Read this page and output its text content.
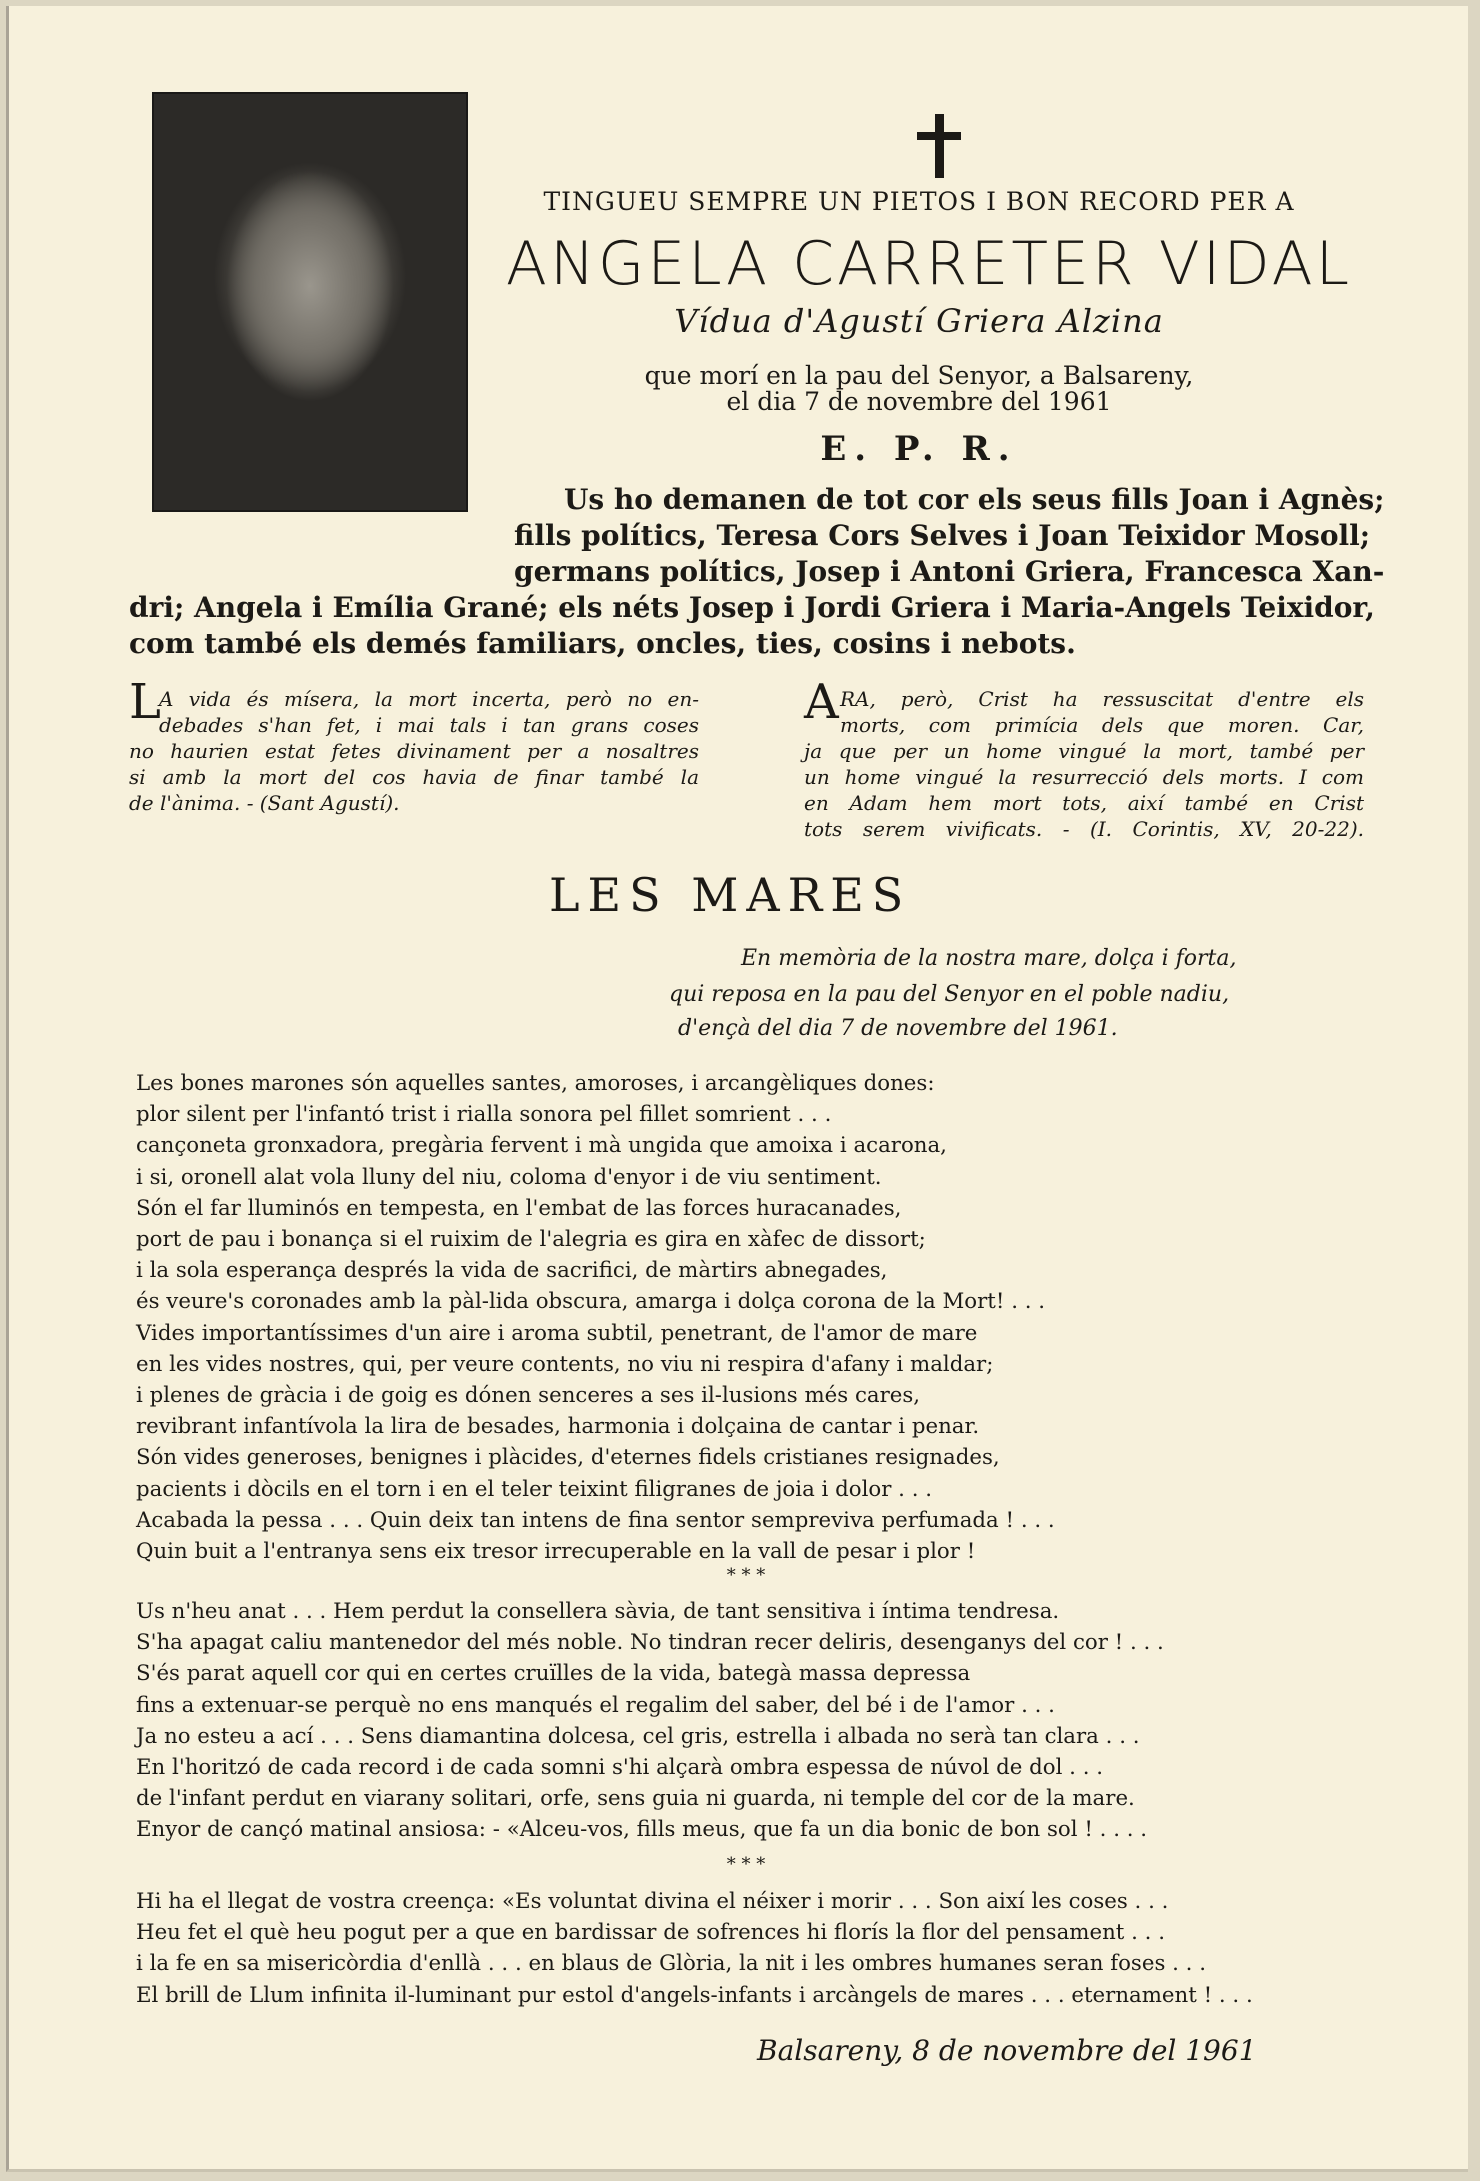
TINGUEU SEMPRE UN PIETOS I BON RECORD PER A
ANGELA CARRETER VIDAL
Vídua d'Agustí Griera Alzina
que morí en la pau del Senyor, a Balsareny,
el dia 7 de novembre del 1961
E. P. R.
Us ho demanen de tot cor els seus fills Joan i Agnès;
fills polítics, Teresa Cors Selves i Joan Teixidor Mosoll;
germans polítics, Josep i Antoni Griera, Francesca Xan-
dri; Angela i Emília Grané; els néts Josep i Jordi Griera i Maria-Angels Teixidor,
com també els demés familiars, oncles, ties, cosins i nebots.
L
A vida és mísera, la mort incerta, però no en-
debades s'han fet, i mai tals i tan grans coses
no haurien estat fetes divinament per a nosaltres
si amb la mort del cos havia de finar també la
de l'ànima. - (Sant Agustí).
A RA, però, Crist ha ressuscitat d'entre els
morts, com primícia dels que moren. Car,
ja que per un home vingué la mort, també per
un home vingué la resurrecció dels morts. I com
en Adam hem mort tots, així també en Crist
tots serem vivificats. - (I. Corintis, XV, 20-22).
LES MARES
En memòria de la nostra mare, dolça i forta,
qui reposa en la pau del Senyor en el poble nadiu,
d'ençà del dia 7 de novembre del 1961.
Les bones marones són aquelles santes, amoroses, i arcangèliques dones:
plor silent per l'infantó trist i rialla sonora pel fillet somrient . . .
cançoneta gronxadora, pregària fervent i mà ungida que amoixa i acarona,
i si, oronell alat vola lluny del niu, coloma d'enyor i de viu sentiment.
Són el far lluminós en tempesta, en l'embat de las forces huracanades,
port de pau i bonança si el ruixim de l'alegria es gira en xàfec de dissort;
i la sola esperança després la vida de sacrifici, de màrtirs abnegades,
és veure's coronades amb la pàl-lida obscura, amarga i dolça corona de la Mort! . . .
Vides importantíssimes d'un aire i aroma subtil, penetrant, de l'amor de mare
en les vides nostres, qui, per veure contents, no viu ni respira d'afany i maldar;
i plenes de gràcia i de goig es dónen senceres a ses il-lusions més cares,
revibrant infantívola la lira de besades, harmonia i dolçaina de cantar i penar.
Són vides generoses, benignes i plàcides, d'eternes fidels cristianes resignades,
pacients i dòcils en el torn i en el teler teixint filigranes de joia i dolor . . .
Acabada la pessa . . . Quin deix tan intens de fina sentor sempreviva perfumada ! . . .
Quin buit a l'entranya sens eix tresor irrecuperable en la vall de pesar i plor !
* * *
Us n'heu anat . . . Hem perdut la consellera sàvia, de tant sensitiva i íntima tendresa.
S'ha apagat caliu mantenedor del més noble. No tindran recer deliris, desenganys del cor ! . . .
S'és parat aquell cor qui en certes cruïlles de la vida, bategà massa depressa
fins a extenuar-se perquè no ens manqués el regalim del saber, del bé i de l'amor . . .
Ja no esteu a ací . . . Sens diamantina dolcesa, cel gris, estrella i albada no serà tan clara . . .
En l'horitzó de cada record i de cada somni s'hi alçarà ombra espessa de núvol de dol . . .
de l'infant perdut en viarany solitari, orfe, sens guia ni guarda, ni temple del cor de la mare.
Enyor de cançó matinal ansiosa: - «Alceu-vos, fills meus, que fa un dia bonic de bon sol ! . . . .
* * *
Hi ha el llegat de vostra creença: «Es voluntat divina el néixer i morir . . . Son així les coses . . .
Heu fet el què heu pogut per a que en bardissar de sofrences hi florís la flor del pensament . . .
i la fe en sa misericòrdia d'enllà . . . en blaus de Glòria, la nit i les ombres humanes seran foses . . .
El brill de Llum infinita il-luminant pur estol d'angels-infants i arcàngels de mares . . . eternament ! . . .
Balsareny, 8 de novembre del 1961
